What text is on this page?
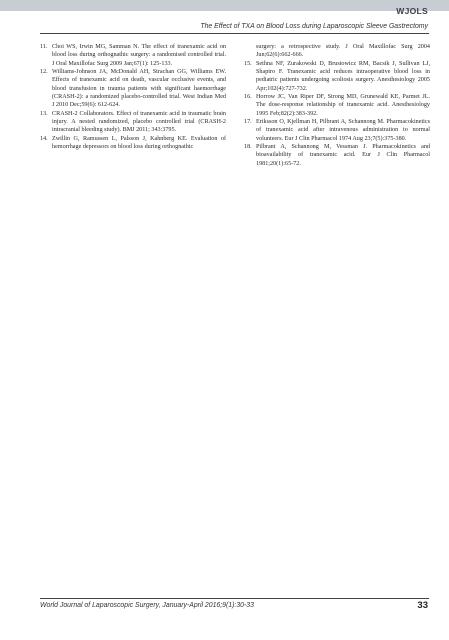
WJOLS
The Effect of TXA on Blood Loss during Laparoscopic Sleeve Gastrectomy
11. Choi WS, Irwin MG, Samman N. The effect of tranexamic acid on blood loss during orthognathic surgery: a randomised controlled trial. J Oral Maxillofac Surg 2009 Jan;67(1): 125-133.
12. Williams-Johnson JA, McDonald AH, Strachan GG, Williams EW. Effects of tranexamic acid on death, vascular occlusive events, and blood transfusion in trauma patients with significant haemorrhage (CRASH-2): a randomized placebo-controlled trial. West Indian Med J 2010 Dec;59(6): 612-624.
13. CRASH-2 Collaborators. Effect of tranexamic acid in traumatic brain injury. A nested randomized, placebo controlled trial (CRASH-2 intracranial bleeding study). BMJ 2011; 343:3795.
14. Zwillin G, Ramussen L, Palsson J, Kahnberg KE. Evaluation of hemorrhage depressors on blood loss during orthognathic
surgery: a retrospective study. J Oral Maxillofac Surg 2004 Jun;62(6):662-666.
15. Sethna NF, Zurakowski D, Brustowicz RM, Bacsik J, Sullivan LJ, Shapiro F. Tranexamic acid reduces intraoperative blood loss in pediatric patients undergoing scoliosis surgery. Anesthesiology 2005 Apr;102(4):727-732.
16. Horrow JC, Van Riper DF, Strong MD, Grunewald KE, Parmet JL. The dose-response relationship of tranexamic acid. Anesthesiology 1995 Feb;82(2):383-392.
17. Eriksson O, Kjellman H, Pilbrant A, Schannong M. Pharmacokinetics of tranexamic acid after intravenous administration to normal volunteers. Eur J Clin Pharmacol 1974 Aug 23;7(5):375-380.
18. Pilbrant A, Schannong M, Vessman J. Pharmacokinetics and bioavailability of tranexamic acid. Eur J Clin Pharmacol 1981;20(1):65-72.
World Journal of Laparoscopic Surgery, January-April 2016;9(1):30-33	33
